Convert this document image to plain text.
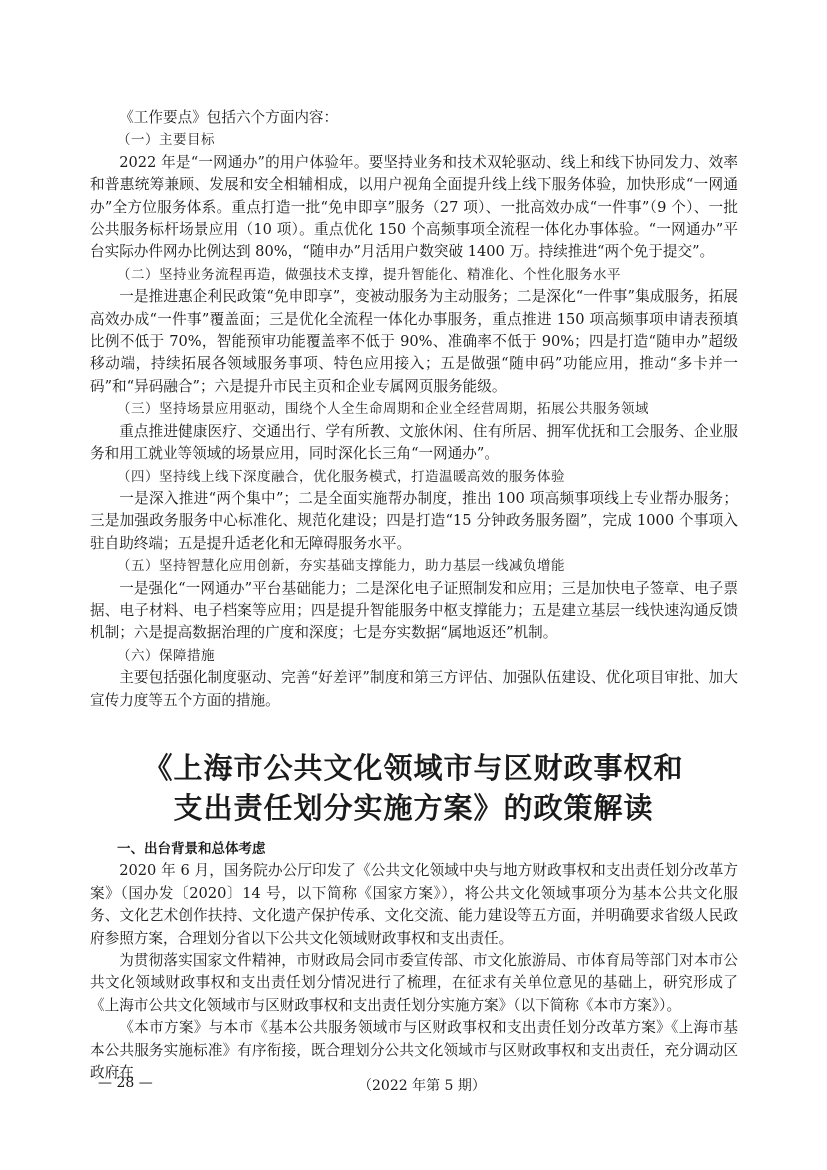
《工作要点》包括六个方面内容：

（一）主要目标

2022 年是“一网通办”的用户体验年。要坚持业务和技术双轮驱动、线上和线下协同发力、效率和普惠统筹兼顾、发展和安全相辅相成，以用户视角全面提升线上线下服务体验，加快形成“一网通办”全方位服务体系。重点打造一批“免申即享”服务（27 项）、一批高效办成“一件事”（9 个）、一批公共服务标杆场景应用（10 项）。重点优化 150 个高频事项全流程一体化办事体验。“一网通办”平台实际办件网办比例达到 80%，“随申办”月活用户数突破 1400 万。持续推进“两个免于提交”。

（二）坚持业务流程再造，做强技术支撑，提升智能化、精准化、个性化服务水平

一是推进惠企利民政策“免申即享”，变被动服务为主动服务；二是深化“一件事”集成服务，拓展高效办成“一件事”覆盖面；三是优化全流程一体化办事服务，重点推进 150 项高频事项申请表预填比例不低于 70%，智能预审功能覆盖率不低于 90%、准确率不低于 90%；四是打造“随申办”超级移动端，持续拓展各领域服务事项、特色应用接入；五是做强“随申码”功能应用，推动“多卡并一码”和“异码融合”；六是提升市民主页和企业专属网页服务能级。

（三）坚持场景应用驱动，围绕个人全生命周期和企业全经营周期，拓展公共服务领域

重点推进健康医疗、交通出行、学有所教、文旅休闲、住有所居、拥军优抚和工会服务、企业服务和用工就业等领域的场景应用，同时深化长三角“一网通办”。

（四）坚持线上线下深度融合，优化服务模式，打造温暖高效的服务体验

一是深入推进“两个集中”；二是全面实施帮办制度，推出 100 项高频事项线上专业帮办服务；三是加强政务服务中心标准化、规范化建设；四是打造“15 分钟政务服务圈”，完成 1000 个事项入驻自助终端；五是提升适老化和无障碍服务水平。

（五）坚持智慧化应用创新，夯实基础支撑能力，助力基层一线减负增能

一是强化“一网通办”平台基础能力；二是深化电子证照制发和应用；三是加快电子签章、电子票据、电子材料、电子档案等应用；四是提升智能服务中枢支撑能力；五是建立基层一线快速沟通反馈机制；六是提高数据治理的广度和深度；七是夯实数据“属地返还”机制。

（六）保障措施

主要包括强化制度驱动、完善“好差评”制度和第三方评估、加强队伍建设、优化项目审批、加大宣传力度等五个方面的措施。

《上海市公共文化领域市与区财政事权和
支出责任划分实施方案》的政策解读

一、出台背景和总体考虑

2020 年 6 月，国务院办公厅印发了《公共文化领域中央与地方财政事权和支出责任划分改革方案》（国办发〔2020〕14 号，以下简称《国家方案》），将公共文化领域事项分为基本公共文化服务、文化艺术创作扶持、文化遗产保护传承、文化交流、能力建设等五方面，并明确要求省级人民政府参照方案，合理划分省以下公共文化领域财政事权和支出责任。

为贯彻落实国家文件精神，市财政局会同市委宣传部、市文化旅游局、市体育局等部门对本市公共文化领域财政事权和支出责任划分情况进行了梳理，在征求有关单位意见的基础上，研究形成了《上海市公共文化领域市与区财政事权和支出责任划分实施方案》（以下简称《本市方案》）。

《本市方案》与本市《基本公共服务领域市与区财政事权和支出责任划分改革方案》《上海市基本公共服务实施标准》有序衔接，既合理划分公共文化领域市与区财政事权和支出责任，充分调动区政府在

— 28 —	（2022 年第 5 期）
